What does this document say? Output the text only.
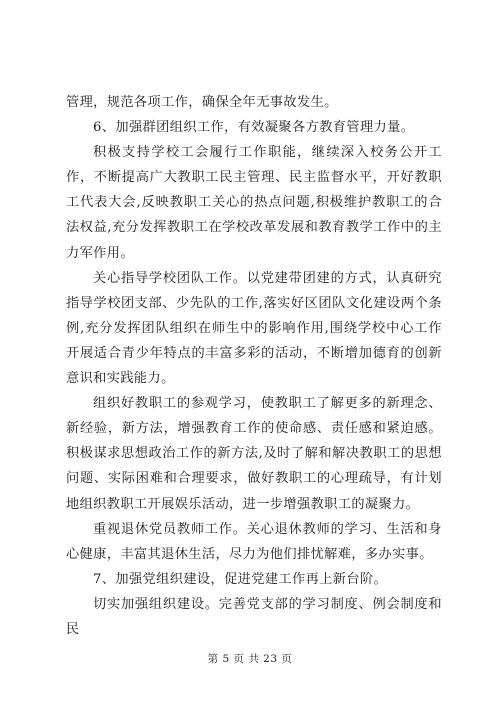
管理，规范各项工作，确保全年无事故发生。

6、加强群团组织工作，有效凝聚各方教育管理力量。

积极支持学校工会履行工作职能，继续深入校务公开工作，不断提高广大教职工民主管理、民主监督水平，开好教职工代表大会,反映教职工关心的热点问题,积极维护教职工的合法权益,充分发挥教职工在学校改革发展和教育教学工作中的主力军作用。

关心指导学校团队工作。以党建带团建的方式，认真研究指导学校团支部、少先队的工作,落实好区团队文化建设两个条例,充分发挥团队组织在师生中的影响作用,围绕学校中心工作开展适合青少年特点的丰富多彩的活动，不断增加德育的创新意识和实践能力。

组织好教职工的参观学习，使教职工了解更多的新理念、新经验，新方法，增强教育工作的使命感、责任感和紧迫感。积极谋求思想政治工作的新方法,及时了解和解决教职工的思想问题、实际困难和合理要求，做好教职工的心理疏导，有计划地组织教职工开展娱乐活动，进一步增强教职工的凝聚力。

重视退休党员教师工作。关心退休教师的学习、生活和身心健康，丰富其退休生活，尽力为他们排忧解难，多办实事。

7、加强党组织建设，促进党建工作再上新台阶。

切实加强组织建设。完善党支部的学习制度、例会制度和民

第 5 页 共 23 页
